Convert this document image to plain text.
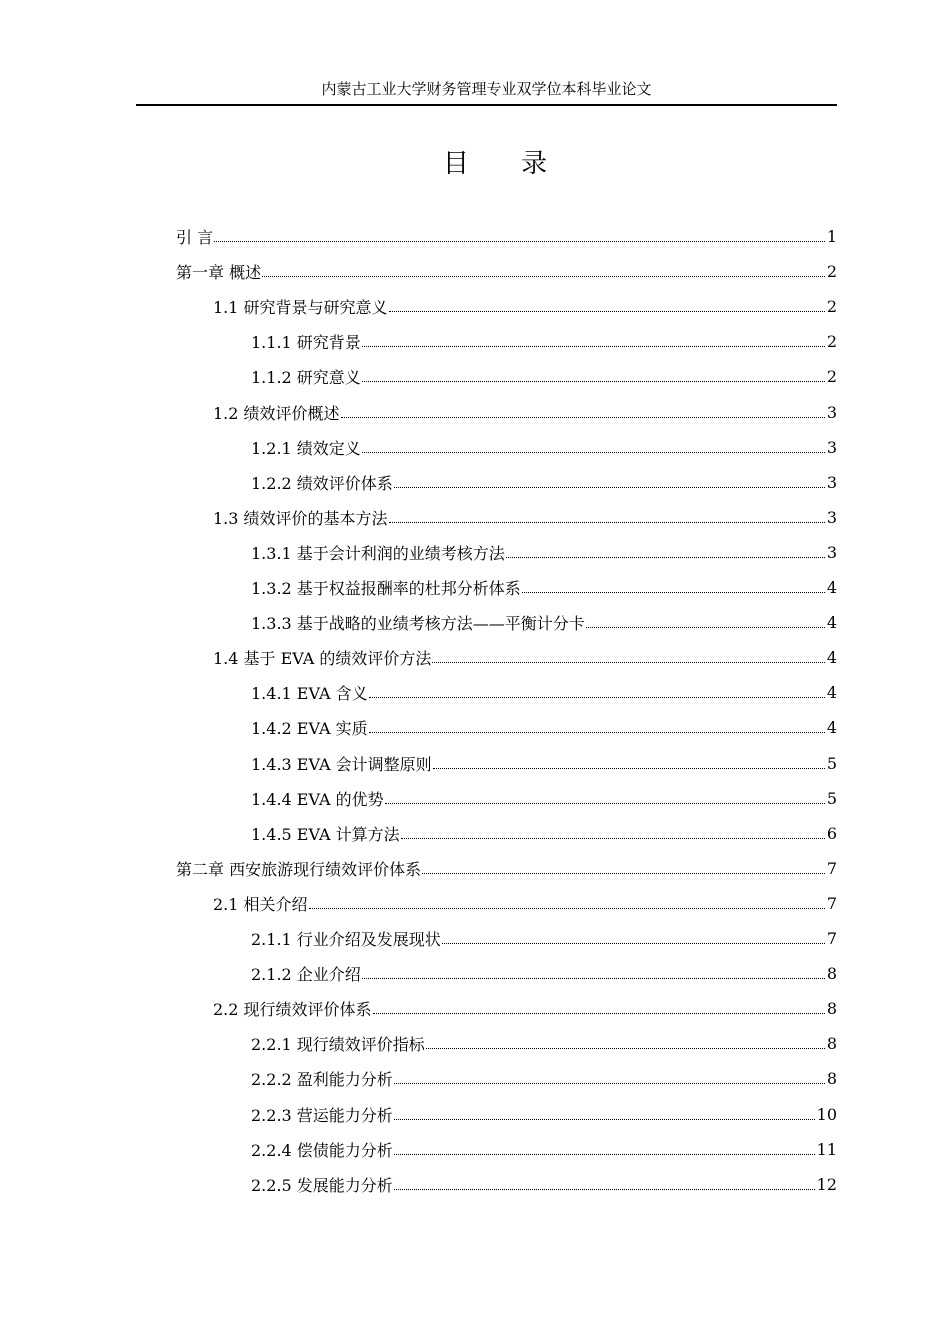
内蒙古工业大学财务管理专业双学位本科毕业论文
目 录
引 言	1
第一章 概述	2
1.1 研究背景与研究意义	2
1.1.1 研究背景	2
1.1.2 研究意义	2
1.2 绩效评价概述	3
1.2.1 绩效定义	3
1.2.2 绩效评价体系	3
1.3 绩效评价的基本方法	3
1.3.1 基于会计利润的业绩考核方法	3
1.3.2 基于权益报酬率的杜邦分析体系	4
1.3.3 基于战略的业绩考核方法——平衡计分卡	4
1.4 基于 EVA 的绩效评价方法	4
1.4.1 EVA 含义	4
1.4.2 EVA 实质	4
1.4.3 EVA 会计调整原则	5
1.4.4 EVA 的优势	5
1.4.5 EVA 计算方法	6
第二章 西安旅游现行绩效评价体系	7
2.1 相关介绍	7
2.1.1 行业介绍及发展现状	7
2.1.2 企业介绍	8
2.2 现行绩效评价体系	8
2.2.1 现行绩效评价指标	8
2.2.2 盈利能力分析	8
2.2.3 营运能力分析	10
2.2.4 偿债能力分析	11
2.2.5 发展能力分析	12
